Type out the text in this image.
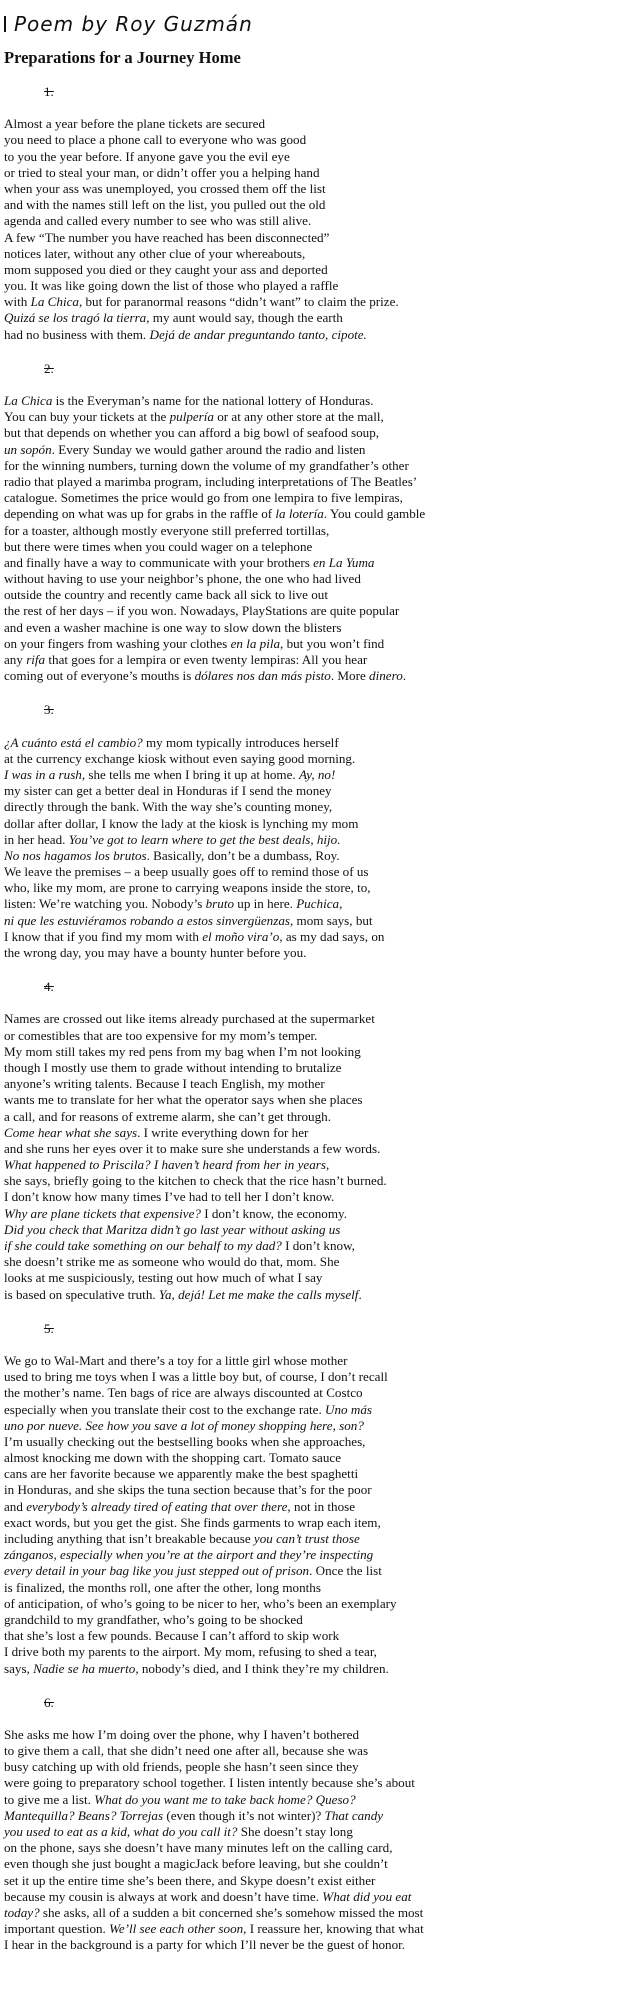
Poem by Roy Guzmán
Preparations for a Journey Home
1.
Almost a year before the plane tickets are secured
you need to place a phone call to everyone who was good
to you the year before. If anyone gave you the evil eye
or tried to steal your man, or didn’t offer you a helping hand
when your ass was unemployed, you crossed them off the list
and with the names still left on the list, you pulled out the old
agenda and called every number to see who was still alive.
A few “The number you have reached has been disconnected”
notices later, without any other clue of your whereabouts,
mom supposed you died or they caught your ass and deported
you. It was like going down the list of those who played a raffle
with La Chica, but for paranormal reasons “didn’t want” to claim the prize.
Quizá se los tragó la tierra, my aunt would say, though the earth
had no business with them. Dejá de andar preguntando tanto, cipote.
2.
La Chica is the Everyman’s name for the national lottery of Honduras.
You can buy your tickets at the pulpería or at any other store at the mall,
but that depends on whether you can afford a big bowl of seafood soup,
un sopón. Every Sunday we would gather around the radio and listen
for the winning numbers, turning down the volume of my grandfather’s other
radio that played a marimba program, including interpretations of The Beatles’
catalogue. Sometimes the price would go from one lempira to five lempiras,
depending on what was up for grabs in the raffle of la lotería. You could gamble
for a toaster, although mostly everyone still preferred tortillas,
but there were times when you could wager on a telephone
and finally have a way to communicate with your brothers en La Yuma
without having to use your neighbor’s phone, the one who had lived
outside the country and recently came back all sick to live out
the rest of her days – if you won. Nowadays, PlayStations are quite popular
and even a washer machine is one way to slow down the blisters
on your fingers from washing your clothes en la pila, but you won’t find
any rifa that goes for a lempira or even twenty lempiras: All you hear
coming out of everyone’s mouths is dólares nos dan más pisto. More dinero.
3.
¿A cuánto está el cambio? my mom typically introduces herself
at the currency exchange kiosk without even saying good morning.
I was in a rush, she tells me when I bring it up at home. Ay, no!
my sister can get a better deal in Honduras if I send the money
directly through the bank. With the way she’s counting money,
dollar after dollar, I know the lady at the kiosk is lynching my mom
in her head. You’ve got to learn where to get the best deals, hijo.
No nos hagamos los brutos. Basically, don’t be a dumbass, Roy.
We leave the premises – a beep usually goes off to remind those of us
who, like my mom, are prone to carrying weapons inside the store, to,
listen: We’re watching you. Nobody’s bruto up in here. Puchica,
ni que les estuviéramos robando a estos sinvergüenzas, mom says, but
I know that if you find my mom with el moño vira’o, as my dad says, on
the wrong day, you may have a bounty hunter before you.
4.
Names are crossed out like items already purchased at the supermarket
or comestibles that are too expensive for my mom’s temper.
My mom still takes my red pens from my bag when I’m not looking
though I mostly use them to grade without intending to brutalize
anyone’s writing talents. Because I teach English, my mother
wants me to translate for her what the operator says when she places
a call, and for reasons of extreme alarm, she can’t get through.
Come hear what she says. I write everything down for her
and she runs her eyes over it to make sure she understands a few words.
What happened to Priscila? I haven’t heard from her in years,
she says, briefly going to the kitchen to check that the rice hasn’t burned.
I don’t know how many times I’ve had to tell her I don’t know.
Why are plane tickets that expensive? I don’t know, the economy.
Did you check that Maritza didn’t go last year without asking us
if she could take something on our behalf to my dad? I don’t know,
she doesn’t strike me as someone who would do that, mom. She
looks at me suspiciously, testing out how much of what I say
is based on speculative truth. Ya, dejá! Let me make the calls myself.
5.
We go to Wal-Mart and there’s a toy for a little girl whose mother
used to bring me toys when I was a little boy but, of course, I don’t recall
the mother’s name. Ten bags of rice are always discounted at Costco
especially when you translate their cost to the exchange rate. Uno más
uno por nueve. See how you save a lot of money shopping here, son?
I’m usually checking out the bestselling books when she approaches,
almost knocking me down with the shopping cart. Tomato sauce
cans are her favorite because we apparently make the best spaghetti
in Honduras, and she skips the tuna section because that’s for the poor
and everybody’s already tired of eating that over there, not in those
exact words, but you get the gist. She finds garments to wrap each item,
including anything that isn’t breakable because you can’t trust those
zánganos, especially when you’re at the airport and they’re inspecting
every detail in your bag like you just stepped out of prison. Once the list
is finalized, the months roll, one after the other, long months
of anticipation, of who’s going to be nicer to her, who’s been an exemplary
grandchild to my grandfather, who’s going to be shocked
that she’s lost a few pounds. Because I can’t afford to skip work
I drive both my parents to the airport. My mom, refusing to shed a tear,
says, Nadie se ha muerto, nobody’s died, and I think they’re my children.
6.
She asks me how I’m doing over the phone, why I haven’t bothered
to give them a call, that she didn’t need one after all, because she was
busy catching up with old friends, people she hasn’t seen since they
were going to preparatory school together. I listen intently because she’s about
to give me a list. What do you want me to take back home? Queso?
Mantequilla? Beans? Torrejas (even though it’s not winter)? That candy
you used to eat as a kid, what do you call it? She doesn’t stay long
on the phone, says she doesn’t have many minutes left on the calling card,
even though she just bought a magicJack before leaving, but she couldn’t
set it up the entire time she’s been there, and Skype doesn’t exist either
because my cousin is always at work and doesn’t have time. What did you eat
today? she asks, all of a sudden a bit concerned she’s somehow missed the most
important question. We’ll see each other soon, I reassure her, knowing that what
I hear in the background is a party for which I’ll never be the guest of honor.
